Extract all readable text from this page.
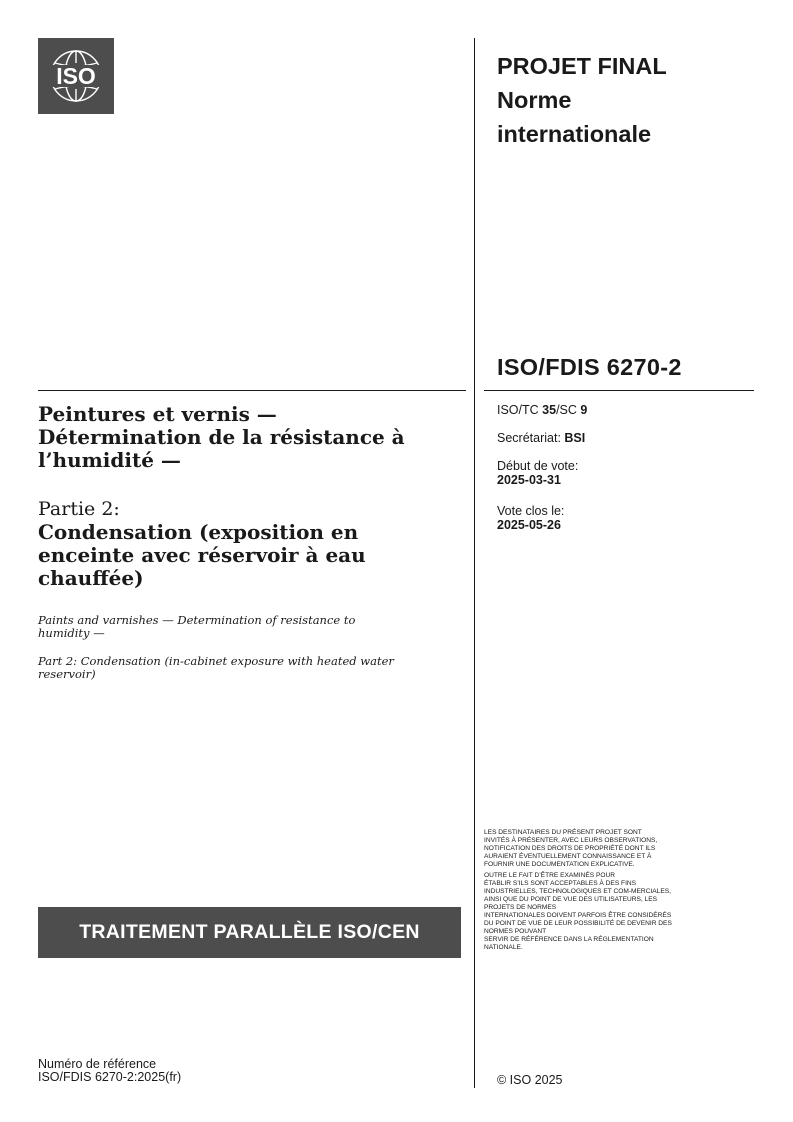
ISO	PROJET FINAL
Norme
internationale
ISO/FDIS 6270-2
ISO/TC 35/SC 9
Secrétariat: BSI
Début de vote:
2025-03-31
Vote clos le:
2025-05-26
Peintures et vernis —
Détermination de la résistance à
l’humidité —
Partie 2:
Condensation (exposition en
enceinte avec réservoir à eau
chauffée)
Paints and varnishes — Determination of resistance to humidity —
Part 2: Condensation (in-cabinet exposure with heated water reservoir)
TRAITEMENT PARALLÈLE ISO/CEN

LES DESTINATAIRES DU PRÉSENT PROJET SONT
INVITÉS À PRÉSENTER, AVEC LEURS OBSERVATIONS,
NOTIFICATION DES DROITS DE PROPRIÉTÉ DONT ILS
AURAIENT ÉVENTUELLEMENT CONNAISSANCE ET À
FOURNIR UNE DOCUMENTATION EXPLICATIVE.

OUTRE LE FAIT D’ÊTRE EXAMINÉS POUR
ÉTABLIR S’ILS SONT ACCEPTABLES À DES FINS
INDUSTRIELLES, TECHNOLOGIQUES ET COM-MERCIALES,
AINSI QUE DU POINT DE VUE DES UTILISATEURS, LES
PROJETS DE NORMES
INTERNATIONALES DOIVENT PARFOIS ÊTRE CONSIDÉRÉS
DU POINT DE VUE DE LEUR POSSIBILITÉ DE DEVENIR DES
NORMES POUVANT
SERVIR DE RÉFÉRENCE DANS LA RÉGLEMENTATION
NATIONALE.

Numéro de référence
ISO/FDIS 6270-2:2025(fr)	© ISO 2025
